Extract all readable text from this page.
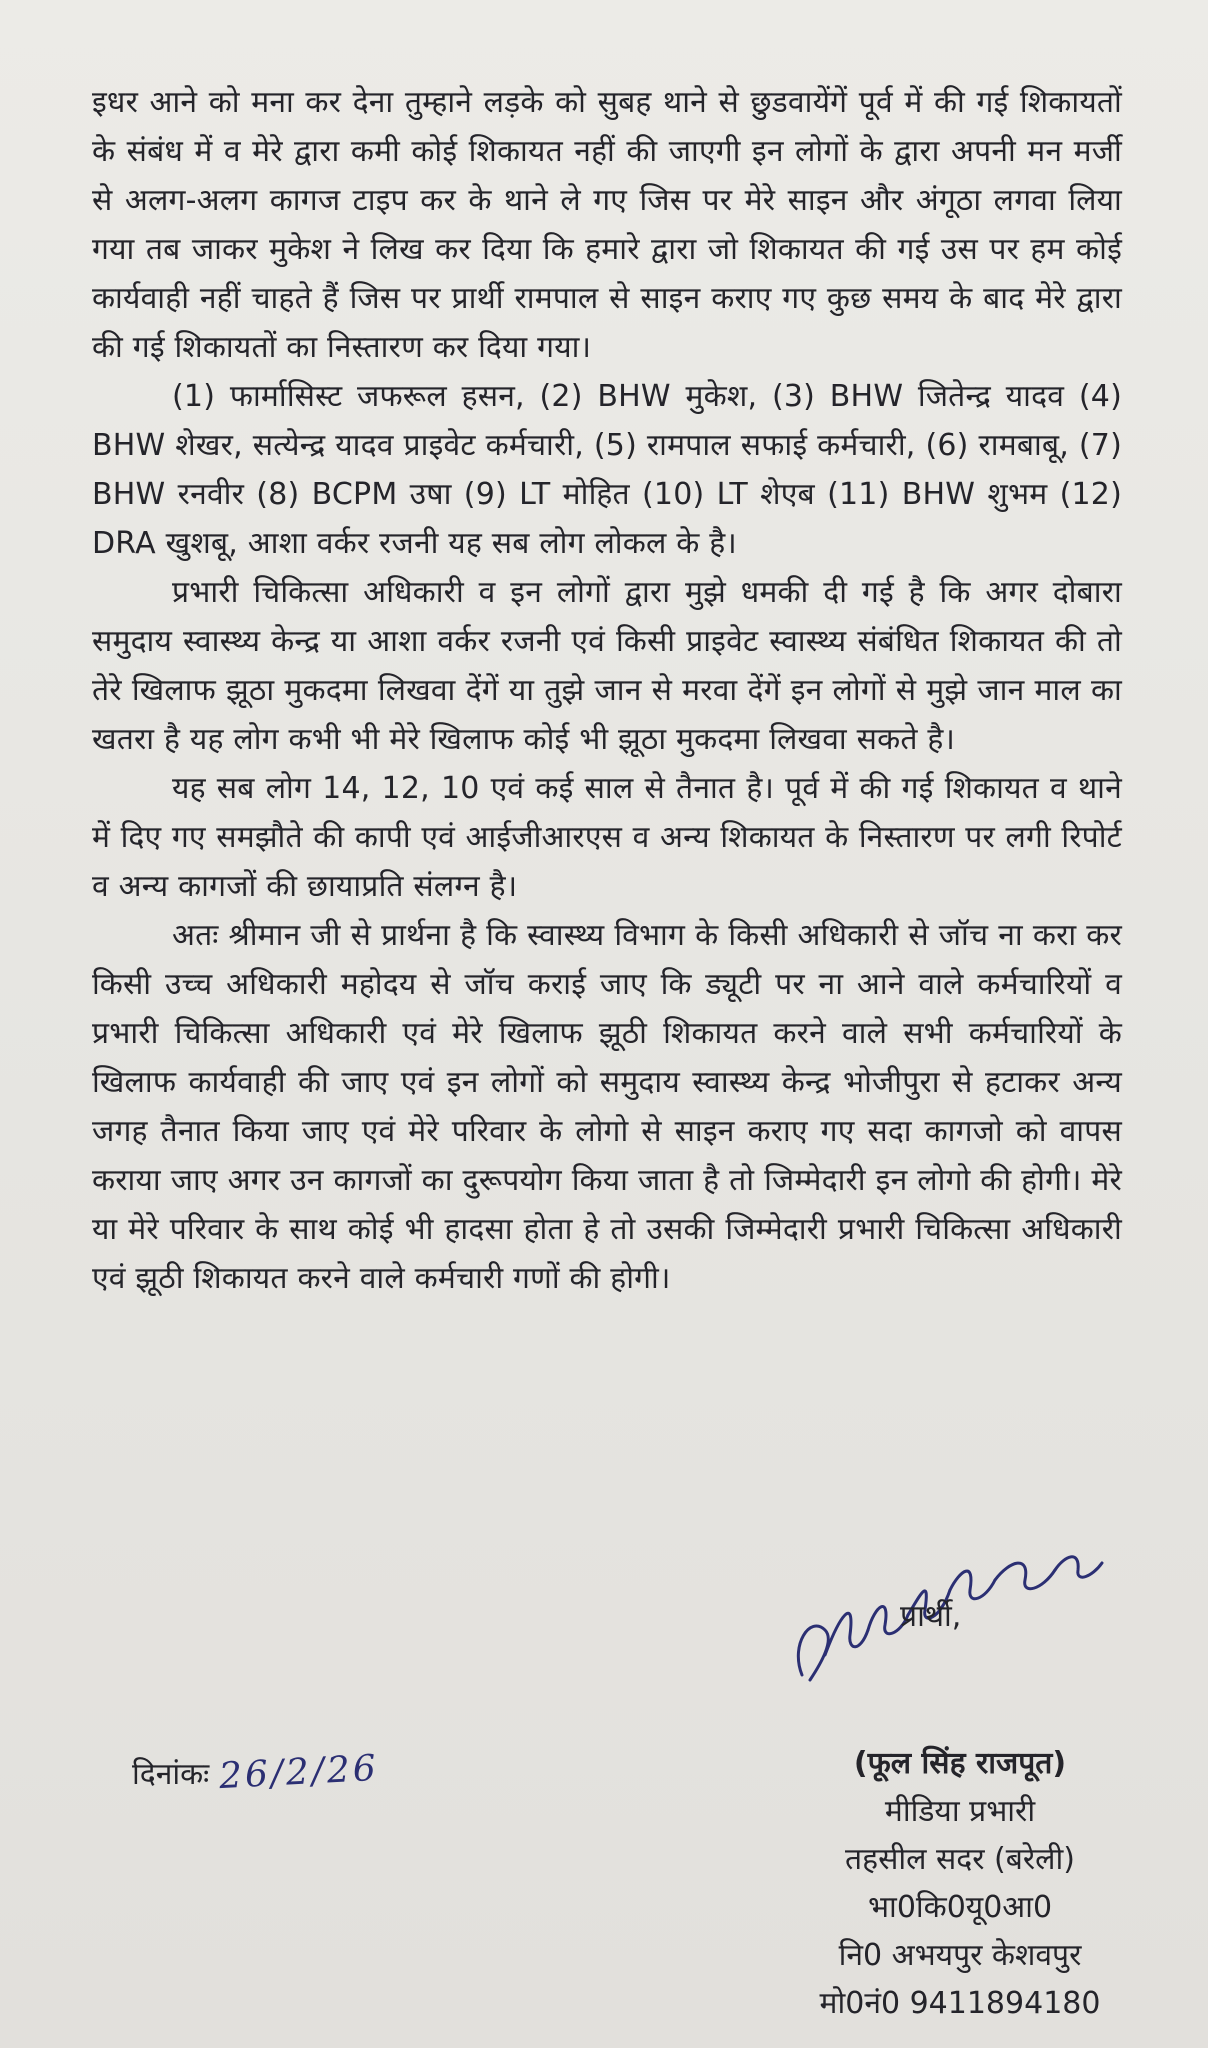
इधर आने को मना कर देना तुम्हाने लड़के को सुबह थाने से छुडवायेंगें पूर्व में की गई शिकायतों के संबंध में व मेरे द्वारा कमी कोई शिकायत नहीं की जाएगी इन लोगों के द्वारा अपनी मन मर्जी से अलग-अलग कागज टाइप कर के थाने ले गए जिस पर मेरे साइन और अंगूठा लगवा लिया गया तब जाकर मुकेश ने लिख कर दिया कि हमारे द्वारा जो शिकायत की गई उस पर हम कोई कार्यवाही नहीं चाहते हैं जिस पर प्रार्थी रामपाल से साइन कराए गए कुछ समय के बाद मेरे द्वारा की गई शिकायतों का निस्तारण कर दिया गया।

(1) फार्मासिस्ट जफरूल हसन, (2) BHW मुकेश, (3) BHW जितेन्द्र यादव (4) BHW शेखर, सत्येन्द्र यादव प्राइवेट कर्मचारी, (5) रामपाल सफाई कर्मचारी, (6) रामबाबू, (7) BHW रनवीर (8) BCPM उषा (9) LT मोहित (10) LT शेएब (11) BHW शुभम (12) DRA खुशबू, आशा वर्कर रजनी यह सब लोग लोकल के है।

प्रभारी चिकित्सा अधिकारी व इन लोगों द्वारा मुझे धमकी दी गई है कि अगर दोबारा समुदाय स्वास्थ्य केन्द्र या आशा वर्कर रजनी एवं किसी प्राइवेट स्वास्थ्य संबंधित शिकायत की तो तेरे खिलाफ झूठा मुकदमा लिखवा देंगें या तुझे जान से मरवा देंगें इन लोगों से मुझे जान माल का खतरा है यह लोग कभी भी मेरे खिलाफ कोई भी झूठा मुकदमा लिखवा सकते है।

यह सब लोग 14, 12, 10 एवं कई साल से तैनात है। पूर्व में की गई शिकायत व थाने में दिए गए समझौते की कापी एवं आईजीआरएस व अन्य शिकायत के निस्तारण पर लगी रिपोर्ट व अन्य कागजों की छायाप्रति संलग्न है।

अतः श्रीमान जी से प्रार्थना है कि स्वास्थ्य विभाग के किसी अधिकारी से जॉच ना करा कर किसी उच्च अधिकारी महोदय से जॉच कराई जाए कि ड्यूटी पर ना आने वाले कर्मचारियों व प्रभारी चिकित्सा अधिकारी एवं मेरे खिलाफ झूठी शिकायत करने वाले सभी कर्मचारियों के खिलाफ कार्यवाही की जाए एवं इन लोगों को समुदाय स्वास्थ्य केन्द्र भोजीपुरा से हटाकर अन्य जगह तैनात किया जाए एवं मेरे परिवार के लोगो से साइन कराए गए सदा कागजो को वापस कराया जाए अगर उन कागजों का दुरूपयोग किया जाता है तो जिम्मेदारी इन लोगो की होगी। मेरे या मेरे परिवार के साथ कोई भी हादसा होता हे तो उसकी जिम्मेदारी प्रभारी चिकित्सा अधिकारी एवं झूठी शिकायत करने वाले कर्मचारी गणों की होगी।

प्रार्थी,
दिनांकः 26/2/26	(फूल सिंह राजपूत)
मीडिया प्रभारी
तहसील सदर (बरेली)
भा0कि0यू0आ0
नि0 अभयपुर केशवपुर
मो0नं0 9411894180
